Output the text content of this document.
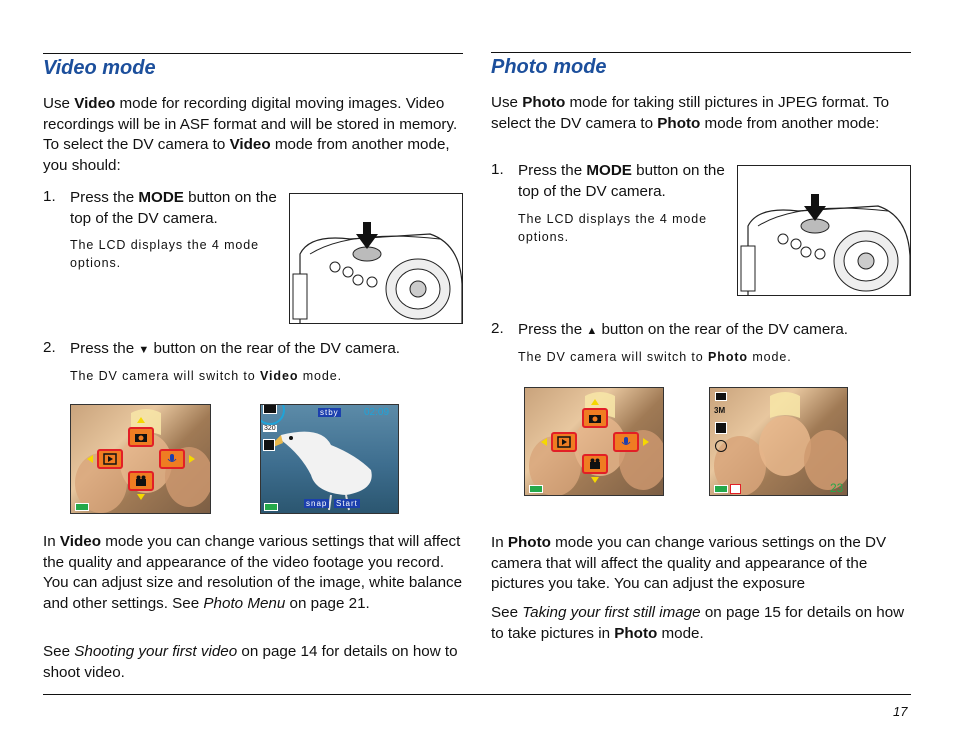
Video mode

Use Video mode for recording digital moving images. Video recordings will be in ASF format and will be stored in memory. To select the DV camera to Video mode from another mode, you should:

1. Press the MODE button on the top of the DV camera.

The LCD displays the 4 mode options.

2. Press the ▼ button on the rear of the DV camera.

The DV camera will switch to Video mode.

stby	02:09
320
snap Start

In Video mode you can change various settings that will affect the quality and appearance of the video footage you record. You can adjust size and resolution of the image, white balance and other settings. See Photo Menu on page 21.

See Shooting your first video on page 14 for details on how to shoot video.

Photo mode

Use Photo mode for taking still pictures in JPEG format. To select the DV camera to Photo mode from another mode:

1. Press the MODE button on the top of the DV camera.

The LCD displays the 4 mode options.

2. Press the ▲ button on the rear of the DV camera.

The DV camera will switch to Photo mode.

3M
23

In Photo mode you can change various settings on the DV camera that will affect the quality and appearance of the pictures you take. You can adjust the exposure

See Taking your first still image on page 15 for details on how to take pictures in Photo mode.

17
